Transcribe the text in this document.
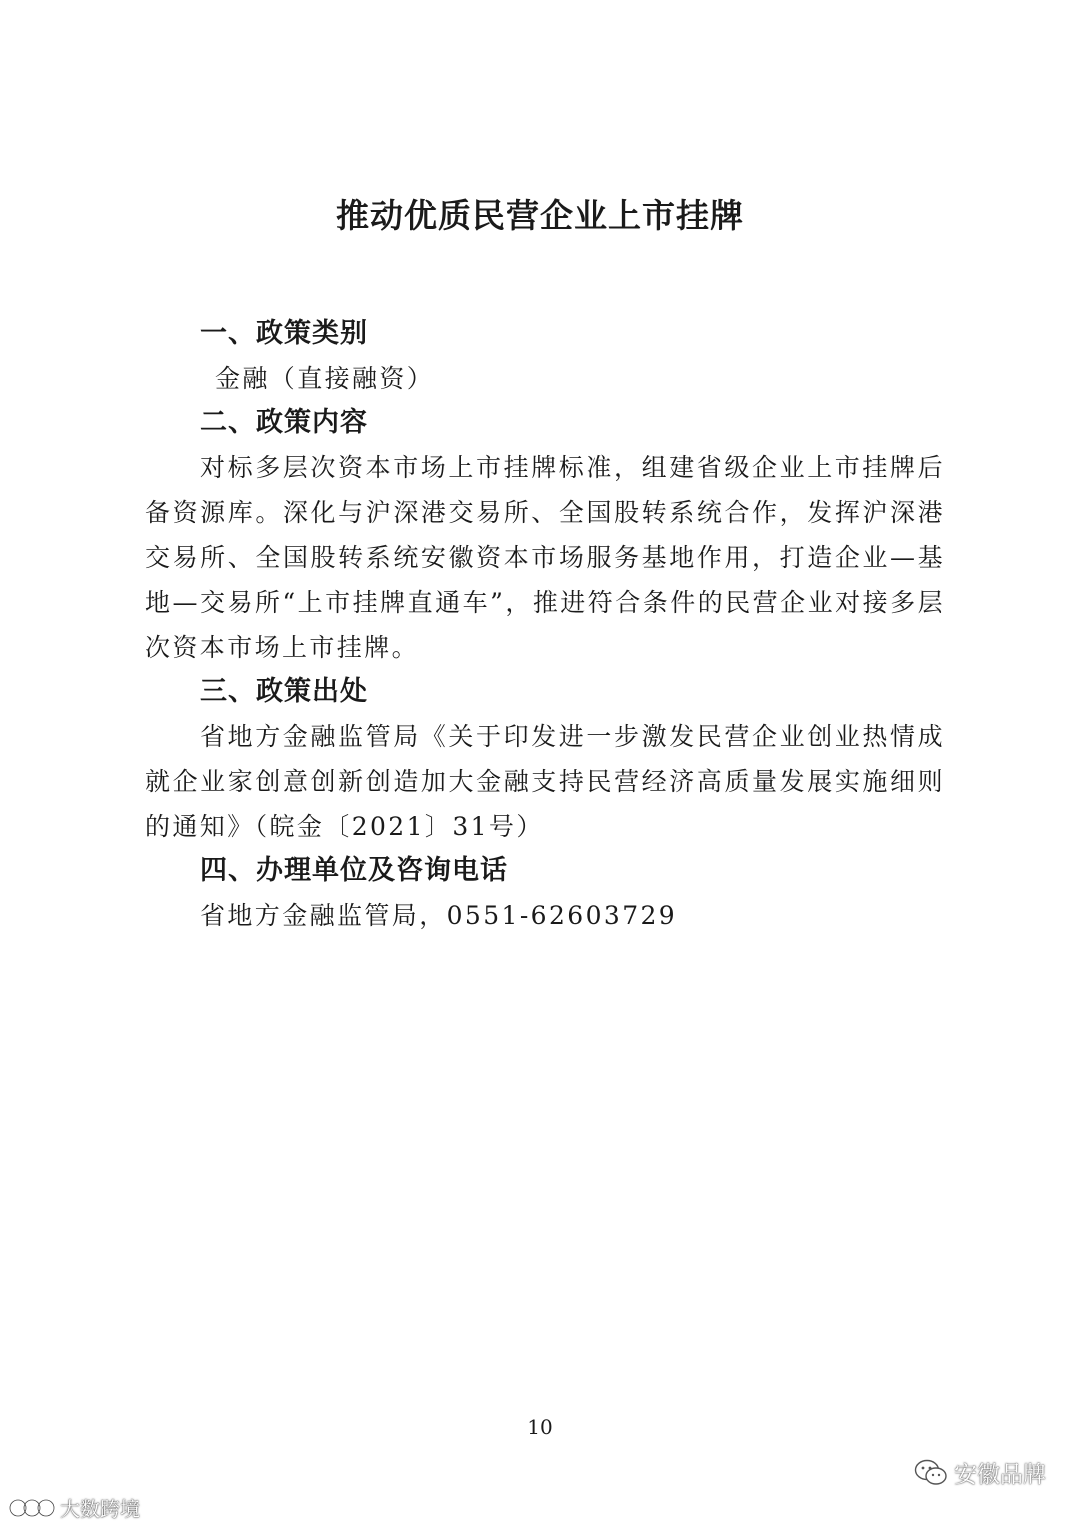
推动优质民营企业上市挂牌

一、政策类别

金融（直接融资）

二、政策内容

对标多层次资本市场上市挂牌标准，组建省级企业上市挂牌后备资源库。深化与沪深港交易所、全国股转系统合作，发挥沪深港交易所、全国股转系统安徽资本市场服务基地作用，打造企业—基地—交易所“上市挂牌直通车”，推进符合条件的民营企业对接多层次资本市场上市挂牌。

三、政策出处

省地方金融监管局《关于印发进一步激发民营企业创业热情成就企业家创意创新创造加大金融支持民营经济高质量发展实施细则的通知》（皖金〔2021〕31号）

四、办理单位及咨询电话

省地方金融监管局，0551-62603729

10
安徽品牌
大数跨境
